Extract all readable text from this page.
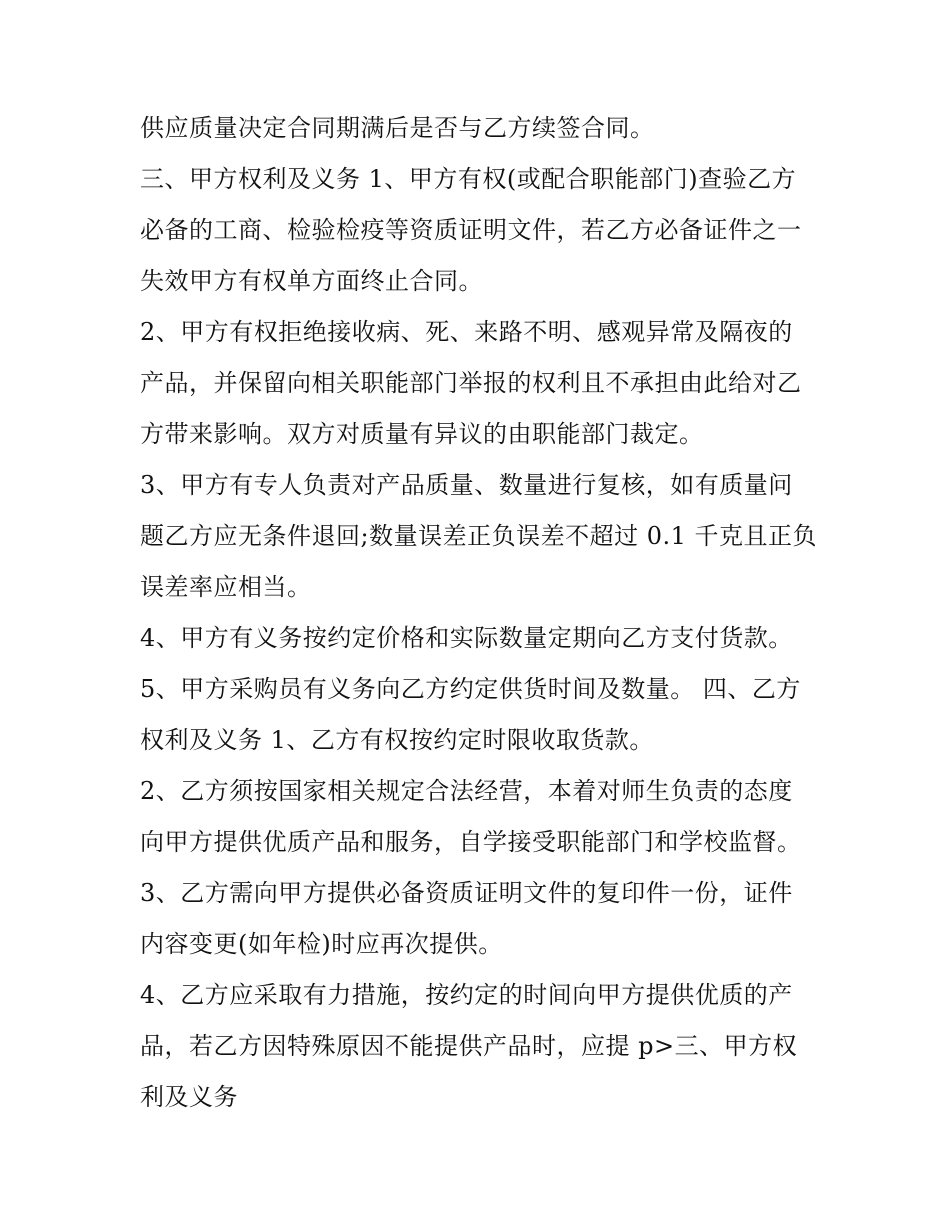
供应质量决定合同期满后是否与乙方续签合同。
三、甲方权利及义务 1、甲方有权(或配合职能部门)查验乙方
必备的工商、检验检疫等资质证明文件，若乙方必备证件之一
失效甲方有权单方面终止合同。
2、甲方有权拒绝接收病、死、来路不明、感观异常及隔夜的
产品，并保留向相关职能部门举报的权利且不承担由此给对乙
方带来影响。双方对质量有异议的由职能部门裁定。
3、甲方有专人负责对产品质量、数量进行复核，如有质量问
题乙方应无条件退回;数量误差正负误差不超过 0.1 千克且正负
误差率应相当。
4、甲方有义务按约定价格和实际数量定期向乙方支付货款。
5、甲方采购员有义务向乙方约定供货时间及数量。 四、乙方
权利及义务 1、乙方有权按约定时限收取货款。
2、乙方须按国家相关规定合法经营，本着对师生负责的态度
向甲方提供优质产品和服务，自学接受职能部门和学校监督。
3、乙方需向甲方提供必备资质证明文件的复印件一份，证件
内容变更(如年检)时应再次提供。
4、乙方应采取有力措施，按约定的时间向甲方提供优质的产
品，若乙方因特殊原因不能提供产品时，应提 p>三、甲方权
利及义务
